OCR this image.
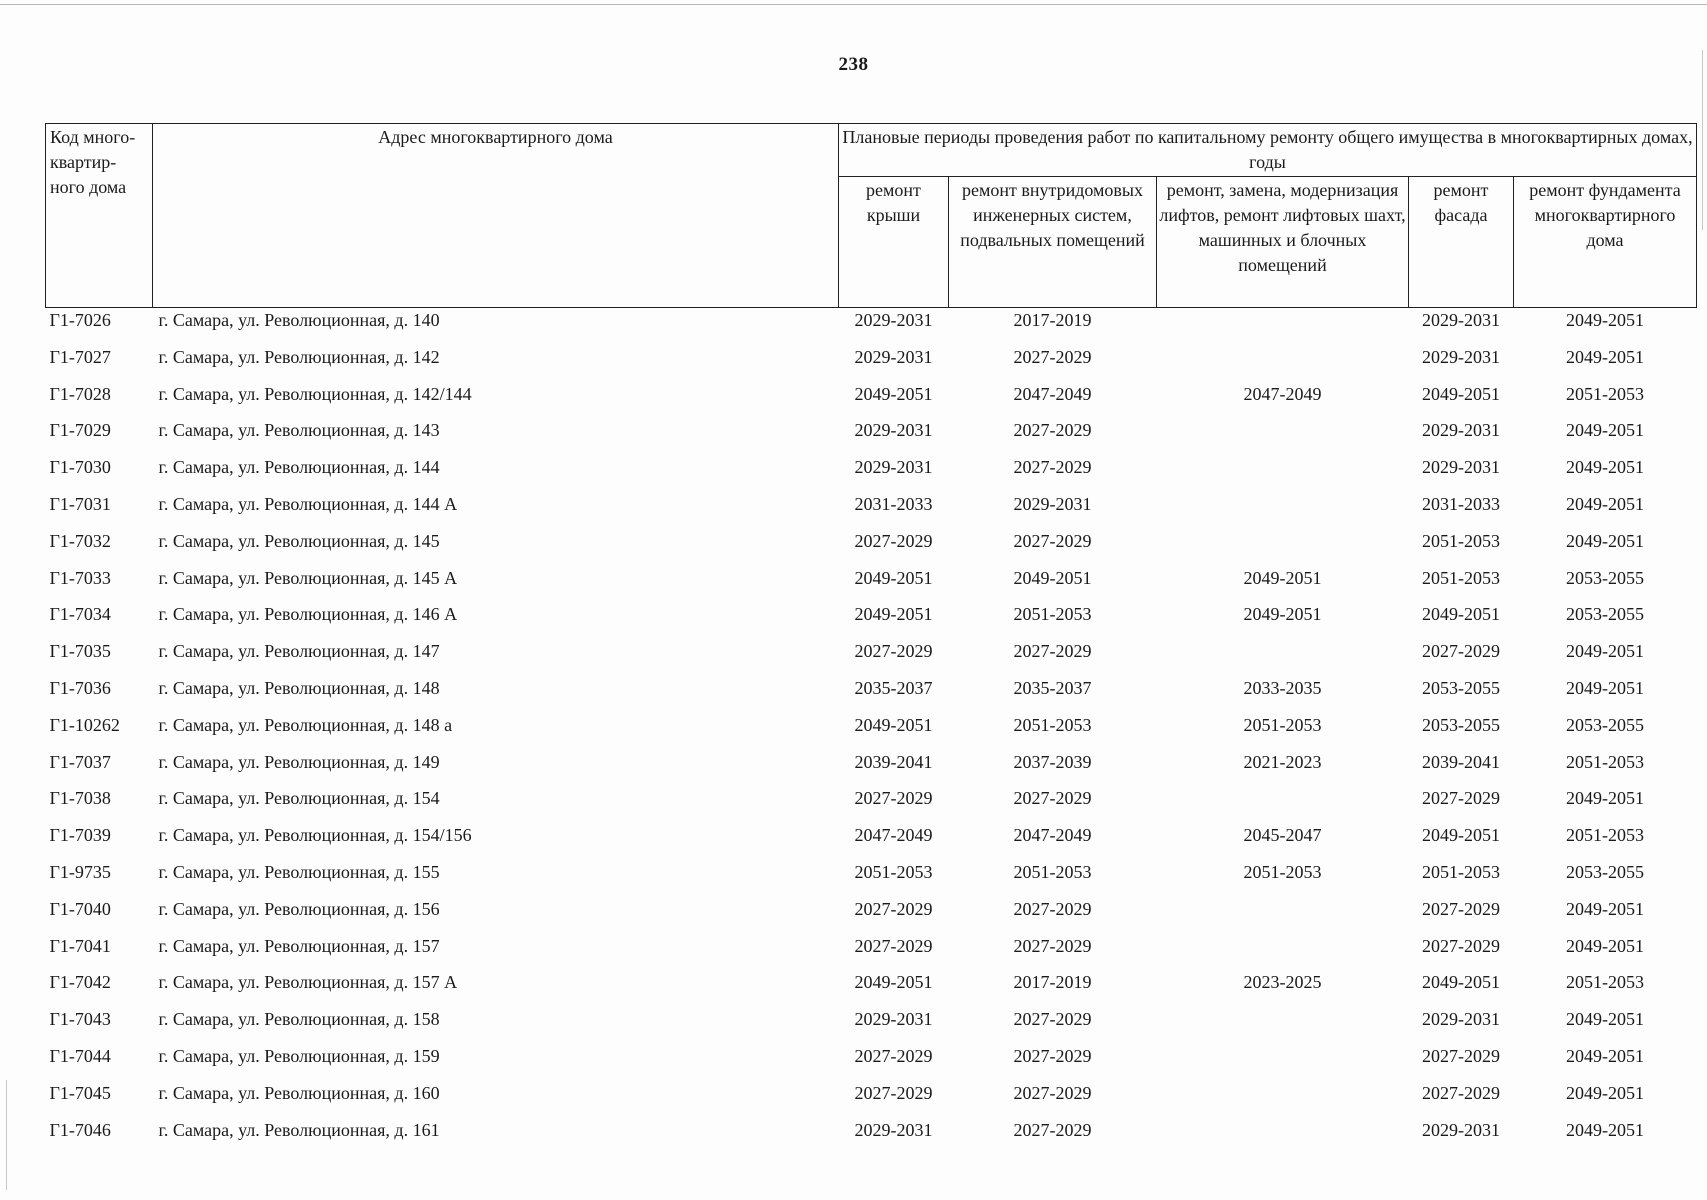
238
Код много-квартир-ного дома	Адрес многоквартирного дома	Плановые периоды проведения работ по капитальному ремонту общего имущества в многоквартирных домах, годы				
		ремонт крыши	ремонт внутридомовых инженерных систем, подвальных помещений	ремонт, замена, модернизация лифтов, ремонт лифтовых шахт, машинных и блочных помещений	ремонт фасада	ремонт фундамента многоквартирного дома
Г1-7026	г. Самара, ул. Революционная, д. 140	2029-2031	2017-2019		2029-2031	2049-2051
Г1-7027	г. Самара, ул. Революционная, д. 142	2029-2031	2027-2029		2029-2031	2049-2051
Г1-7028	г. Самара, ул. Революционная, д. 142/144	2049-2051	2047-2049	2047-2049	2049-2051	2051-2053
Г1-7029	г. Самара, ул. Революционная, д. 143	2029-2031	2027-2029		2029-2031	2049-2051
Г1-7030	г. Самара, ул. Революционная, д. 144	2029-2031	2027-2029		2029-2031	2049-2051
Г1-7031	г. Самара, ул. Революционная, д. 144 А	2031-2033	2029-2031		2031-2033	2049-2051
Г1-7032	г. Самара, ул. Революционная, д. 145	2027-2029	2027-2029		2051-2053	2049-2051
Г1-7033	г. Самара, ул. Революционная, д. 145 А	2049-2051	2049-2051	2049-2051	2051-2053	2053-2055
Г1-7034	г. Самара, ул. Революционная, д. 146 А	2049-2051	2051-2053	2049-2051	2049-2051	2053-2055
Г1-7035	г. Самара, ул. Революционная, д. 147	2027-2029	2027-2029		2027-2029	2049-2051
Г1-7036	г. Самара, ул. Революционная, д. 148	2035-2037	2035-2037	2033-2035	2053-2055	2049-2051
Г1-10262	г. Самара, ул. Революционная, д. 148 а	2049-2051	2051-2053	2051-2053	2053-2055	2053-2055
Г1-7037	г. Самара, ул. Революционная, д. 149	2039-2041	2037-2039	2021-2023	2039-2041	2051-2053
Г1-7038	г. Самара, ул. Революционная, д. 154	2027-2029	2027-2029		2027-2029	2049-2051
Г1-7039	г. Самара, ул. Революционная, д. 154/156	2047-2049	2047-2049	2045-2047	2049-2051	2051-2053
Г1-9735	г. Самара, ул. Революционная, д. 155	2051-2053	2051-2053	2051-2053	2051-2053	2053-2055
Г1-7040	г. Самара, ул. Революционная, д. 156	2027-2029	2027-2029		2027-2029	2049-2051
Г1-7041	г. Самара, ул. Революционная, д. 157	2027-2029	2027-2029		2027-2029	2049-2051
Г1-7042	г. Самара, ул. Революционная, д. 157 А	2049-2051	2017-2019	2023-2025	2049-2051	2051-2053
Г1-7043	г. Самара, ул. Революционная, д. 158	2029-2031	2027-2029		2029-2031	2049-2051
Г1-7044	г. Самара, ул. Революционная, д. 159	2027-2029	2027-2029		2027-2029	2049-2051
Г1-7045	г. Самара, ул. Революционная, д. 160	2027-2029	2027-2029		2027-2029	2049-2051
Г1-7046	г. Самара, ул. Революционная, д. 161	2029-2031	2027-2029		2029-2031	2049-2051
